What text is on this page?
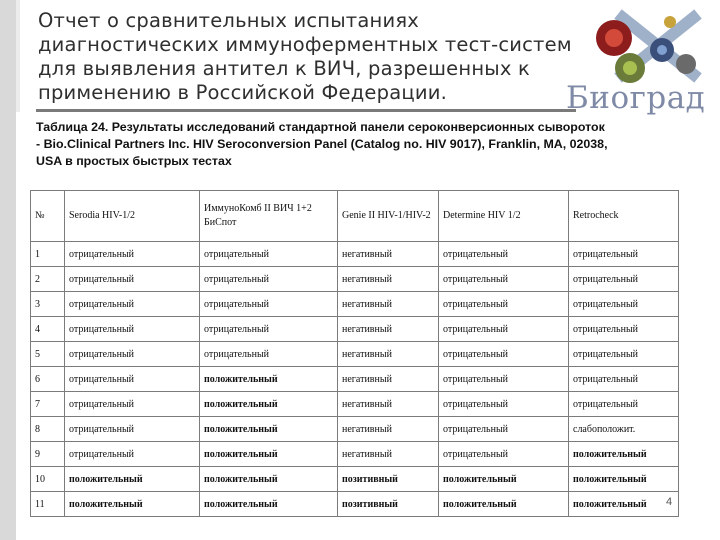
Отчет о сравнительных испытаниях
диагностических иммуноферментных тест-систем
для выявления антител к ВИЧ, разрешенных к
применению в Российской Федерации.	Биоград
Таблица 24. Результаты исследований стандартной панели сероконверсионных сывороток
- Bio.Clinical Partners Inc. HIV Seroconversion Panel (Catalog no. HIV 9017), Franklin, MA, 02038,
USA в простых быстрых тестах
№	Serodia HIV-1/2	ИммуноКомб II ВИЧ 1+2 БиСпот	Genie II HIV-1/HIV-2	Determine HIV 1/2	Retrocheck
1	отрицательный	отрицательный	негативный	отрицательный	отрицательный
2	отрицательный	отрицательный	негативный	отрицательный	отрицательный
3	отрицательный	отрицательный	негативный	отрицательный	отрицательный
4	отрицательный	отрицательный	негативный	отрицательный	отрицательный
5	отрицательный	отрицательный	негативный	отрицательный	отрицательный
6	отрицательный	положительный	негативный	отрицательный	отрицательный
7	отрицательный	положительный	негативный	отрицательный	отрицательный
8	отрицательный	положительный	негативный	отрицательный	слабоположит.
9	отрицательный	положительный	негативный	отрицательный	положительный
10	положительный	положительный	позитивный	положительный	положительный
11	положительный	положительный	позитивный	положительный	положительный 4
